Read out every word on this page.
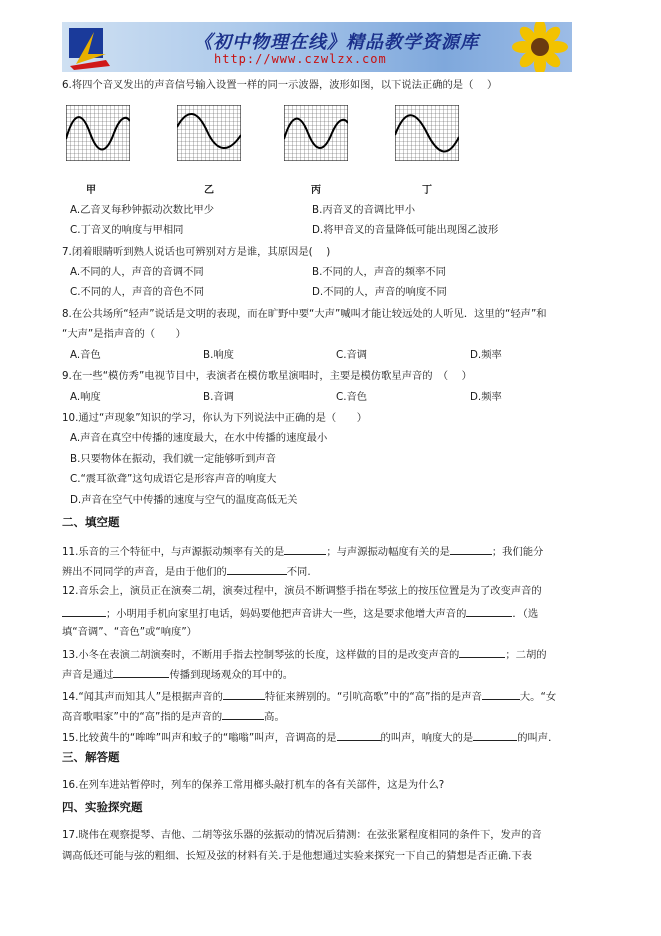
《初中物理在线》精品教学资源库
http://www.czwlzx.com
6.将四个音叉发出的声音信号输入设置一样的同一示波器，波形如图，以下说法正确的是（　 ）
甲	乙	丙	丁
A.乙音叉每秒钟振动次数比甲少	B.丙音叉的音调比甲小
C.丁音叉的响度与甲相同	D.将甲音叉的音量降低可能出现图乙波形
7.闭着眼睛听到熟人说话也可辨别对方是谁，其原因是(　 )
A.不同的人，声音的音调不同	B.不同的人，声音的频率不同
C.不同的人，声音的音色不同	D.不同的人，声音的响度不同
8.在公共场所“轻声”说话是文明的表现，而在旷野中要“大声”喊叫才能让较远处的人听见．这里的“轻声”和
“大声”是指声音的（　　）
A.音色	B.响度	C.音调	D.频率
9.在一些“模仿秀”电视节目中，表演者在模仿歌星演唱时，主要是模仿歌星声音的　（　 ）
A.响度	B.音调	C.音色	D.频率
10.通过“声现象”知识的学习，你认为下列说法中正确的是（　　）
A.声音在真空中传播的速度最大，在水中传播的速度最小
B.只要物体在振动，我们就一定能够听到声音
C.“震耳欲聋”这句成语它是形容声音的响度大
D.声音在空气中传播的速度与空气的温度高低无关
二、填空题
11.乐音的三个特征中，与声源振动频率有关的是	；与声源振动幅度有关的是	；我们能分
辨出不同同学的声音，是由于他们的	不同.
12.音乐会上，演员正在演奏二胡，演奏过程中，演员不断调整手指在琴弦上的按压位置是为了改变声音的
；小明用手机向家里打电话，妈妈要他把声音讲大一些，这是要求他增大声音的	．（选
填“音调”、“音色”或“响度”）
13.小冬在表演二胡演奏时，不断用手指去控制琴弦的长度，这样做的目的是改变声音的	；二胡的
声音是通过	传播到现场观众的耳中的。
14.“闻其声而知其人”是根据声音的	特征来辨别的。“引吭高歌”中的“高”指的是声音	大。“女
高音歌唱家”中的“高”指的是声音的	高。
15.比较黄牛的“哞哞”叫声和蚊子的“嗡嗡”叫声，音调高的是	的叫声，响度大的是	的叫声．
三、解答题
16.在列车进站暂停时，列车的保养工常用榔头敲打机车的各有关部件，这是为什么?
四、实验探究题
17.晓伟在观察提琴、吉他、二胡等弦乐器的弦振动的情况后猜测：在弦张紧程度相同的条件下，发声的音
调高低还可能与弦的粗细、长短及弦的材料有关.于是他想通过实验来探究一下自己的猜想是否正确.下表
